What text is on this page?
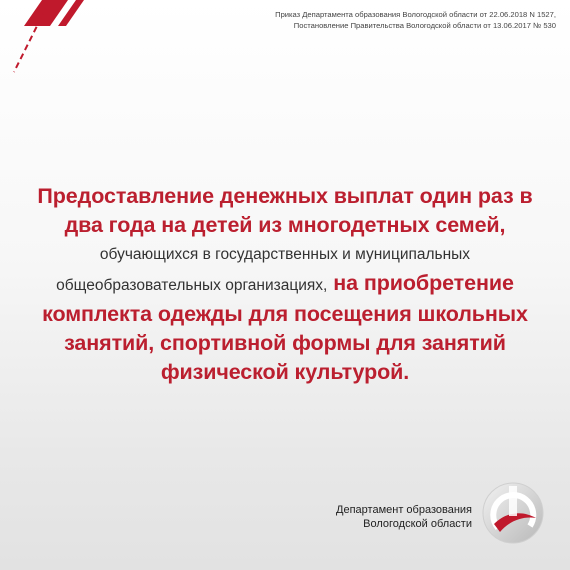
Приказ Департамента образования Вологодской области от 22.06.2018 N 1527,
Постановление Правительства Вологодской области от 13.06.2017 № 530
Предоставление денежных выплат один раз в
два года на детей из многодетных семей,
обучающихся в государственных и муниципальных
общеобразовательных организациях, на приобретение
комплекта одежды для посещения школьных
занятий, спортивной формы для занятий
физической культурой.
Департамент образования
Вологодской области
